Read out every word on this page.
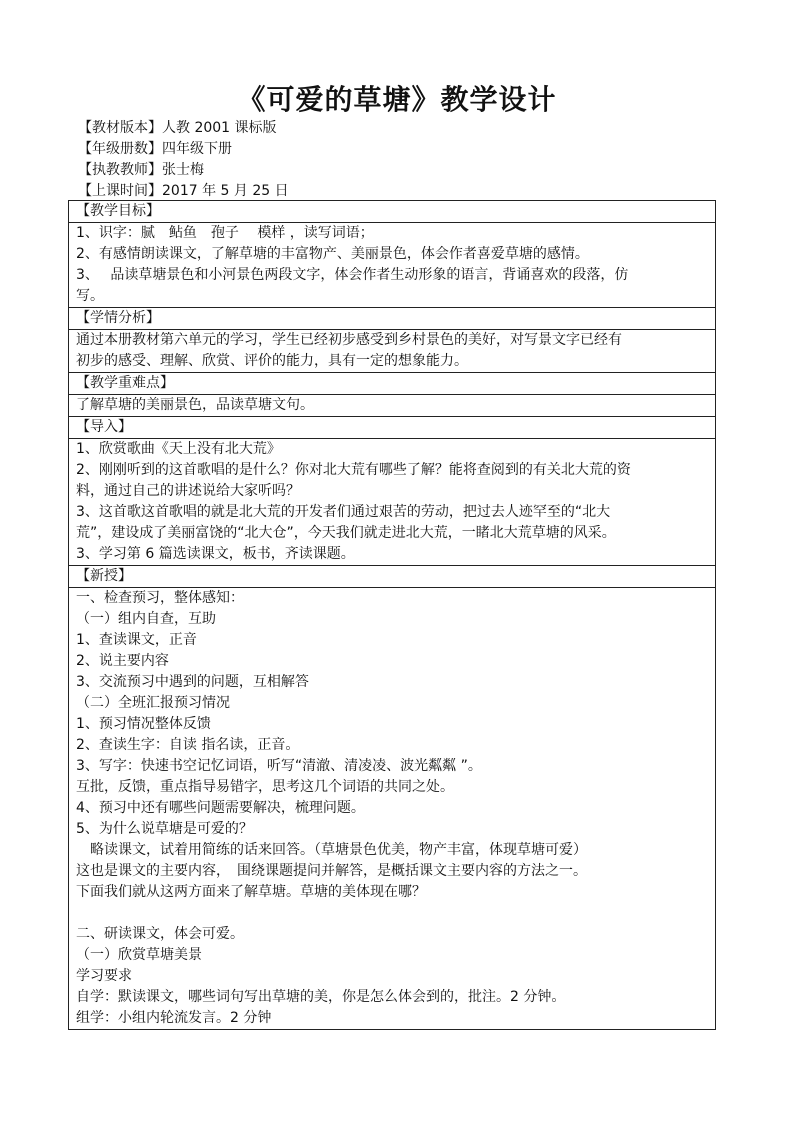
《可爱的草塘》教学设计
【教材版本】人教 2001 课标版
【年级册数】四年级下册
【执教教师】张士梅
【上课时间】2017 年 5 月 25 日
【教学目标】

1、识字：腻　鲇鱼　孢子　 模样 ，读写词语；
2、有感情朗读课文，了解草塘的丰富物产、美丽景色，体会作者喜爱草塘的感情。
3、　 品读草塘景色和小河景色两段文字，体会作者生动形象的语言，背诵喜欢的段落，仿
写。

【学情分析】

通过本册教材第六单元的学习，学生已经初步感受到乡村景色的美好，对写景文字已经有
初步的感受、理解、欣赏、评价的能力，具有一定的想象能力。

【教学重难点】

了解草塘的美丽景色，品读草塘文句。

【导入】

1、欣赏歌曲《天上没有北大荒》
2、刚刚听到的这首歌唱的是什么？你对北大荒有哪些了解？能将查阅到的有关北大荒的资
料，通过自己的讲述说给大家听吗？
3、这首歌这首歌唱的就是北大荒的开发者们通过艰苦的劳动，把过去人迹罕至的“北大
荒”，建设成了美丽富饶的“北大仓”，今天我们就走进北大荒，一睹北大荒草塘的风采。
3、学习第 6 篇选读课文，板书，齐读课题。

【新授】

一、检查预习，整体感知：
（一）组内自查，互助
1、查读课文，正音
2、说主要内容
3、交流预习中遇到的问题，互相解答
（二）全班汇报预习情况
1、预习情况整体反馈
2、查读生字：自读 指名读，正音。
3、写字：快速书空记忆词语，听写“清澈、清凌凌、波光粼粼 ”。
互批，反馈，重点指导易错字，思考这几个词语的共同之处。
4、预习中还有哪些问题需要解决，梳理问题。
5、为什么说草塘是可爱的？
　略读课文，试着用简练的话来回答。（草塘景色优美，物产丰富，体现草塘可爱）
这也是课文的主要内容，　围绕课题提问并解答，是概括课文主要内容的方法之一。
下面我们就从这两方面来了解草塘。草塘的美体现在哪？
二、研读课文，体会可爱。
（一）欣赏草塘美景
学习要求
自学：默读课文，哪些词句写出草塘的美，你是怎么体会到的，批注。2 分钟。
组学：小组内轮流发言。2 分钟
